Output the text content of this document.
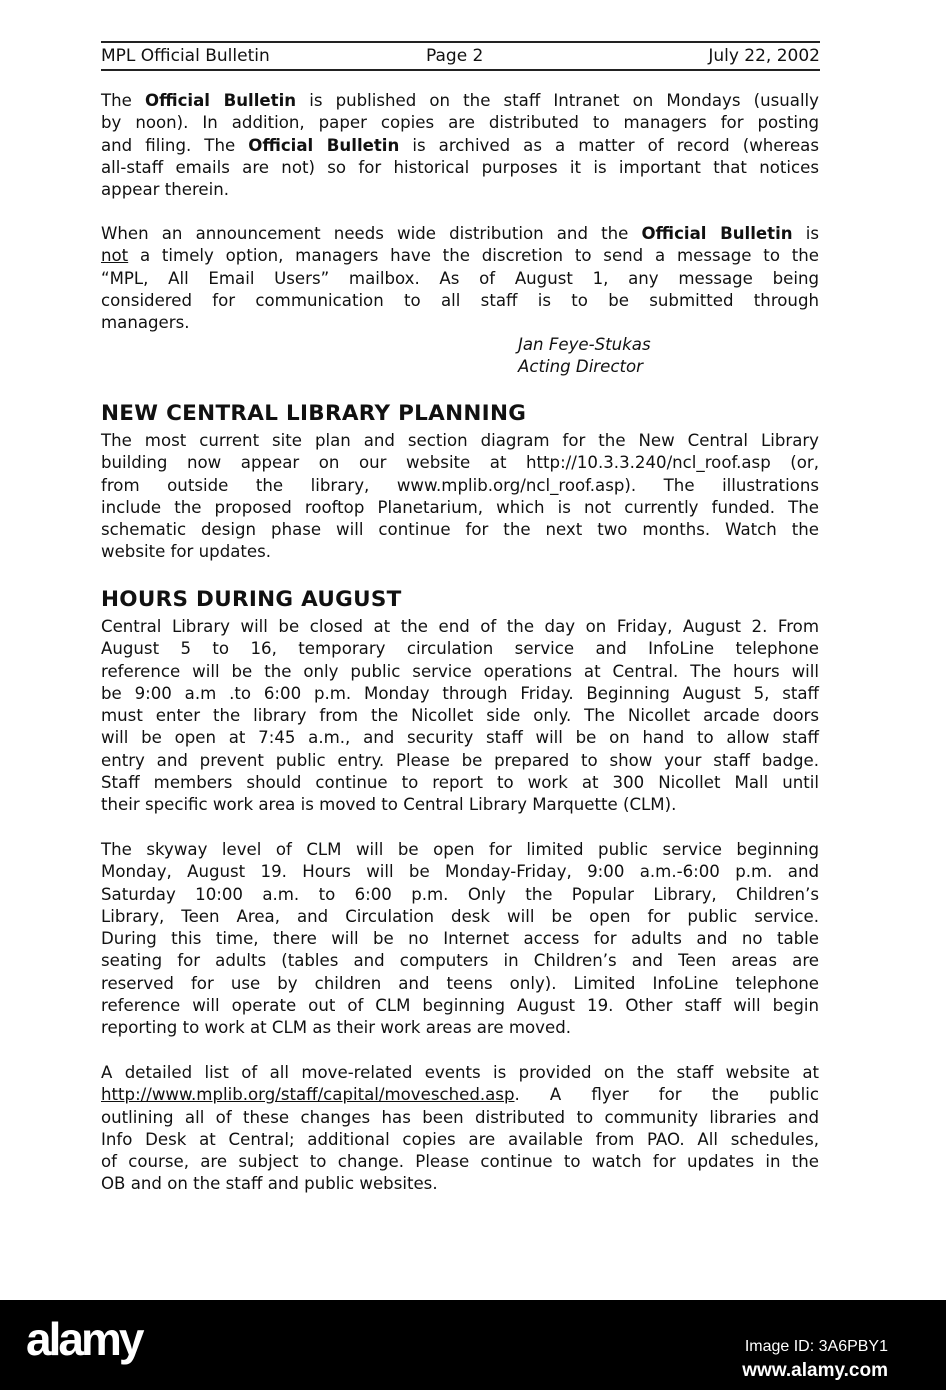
MPL Official Bulletin	Page 2	July 22, 2002
The Official Bulletin is published on the staff Intranet on Mondays (usually
by noon). In addition, paper copies are distributed to managers for posting
and filing. The Official Bulletin is archived as a matter of record (whereas
all-staff emails are not) so for historical purposes it is important that notices
appear therein.
When an announcement needs wide distribution and the Official Bulletin is
not a timely option, managers have the discretion to send a message to the
“MPL, All Email Users” mailbox. As of August 1, any message being
considered for communication to all staff is to be submitted through
managers.
Jan Feye-Stukas
Acting Director
NEW CENTRAL LIBRARY PLANNING
The most current site plan and section diagram for the New Central Library
building now appear on our website at http://10.3.3.240/ncl_roof.asp (or,
from outside the library, www.mplib.org/ncl_roof.asp). The illustrations
include the proposed rooftop Planetarium, which is not currently funded. The
schematic design phase will continue for the next two months. Watch the
website for updates.
HOURS DURING AUGUST
Central Library will be closed at the end of the day on Friday, August 2. From
August 5 to 16, temporary circulation service and InfoLine telephone
reference will be the only public service operations at Central. The hours will
be 9:00 a.m .to 6:00 p.m. Monday through Friday. Beginning August 5, staff
must enter the library from the Nicollet side only. The Nicollet arcade doors
will be open at 7:45 a.m., and security staff will be on hand to allow staff
entry and prevent public entry. Please be prepared to show your staff badge.
Staff members should continue to report to work at 300 Nicollet Mall until
their specific work area is moved to Central Library Marquette (CLM).
The skyway level of CLM will be open for limited public service beginning
Monday, August 19. Hours will be Monday-Friday, 9:00 a.m.-6:00 p.m. and
Saturday 10:00 a.m. to 6:00 p.m. Only the Popular Library, Children’s
Library, Teen Area, and Circulation desk will be open for public service.
During this time, there will be no Internet access for adults and no table
seating for adults (tables and computers in Children’s and Teen areas are
reserved for use by children and teens only). Limited InfoLine telephone
reference will operate out of CLM beginning August 19. Other staff will begin
reporting to work at CLM as their work areas are moved.
A detailed list of all move-related events is provided on the staff website at
http://www.mplib.org/staff/capital/movesched.asp. A flyer for the public
outlining all of these changes has been distributed to community libraries and
Info Desk at Central; additional copies are available from PAO. All schedules,
of course, are subject to change. Please continue to watch for updates in the
OB and on the staff and public websites.
alamy	Image ID: 3A6PBY1
www.alamy.com
